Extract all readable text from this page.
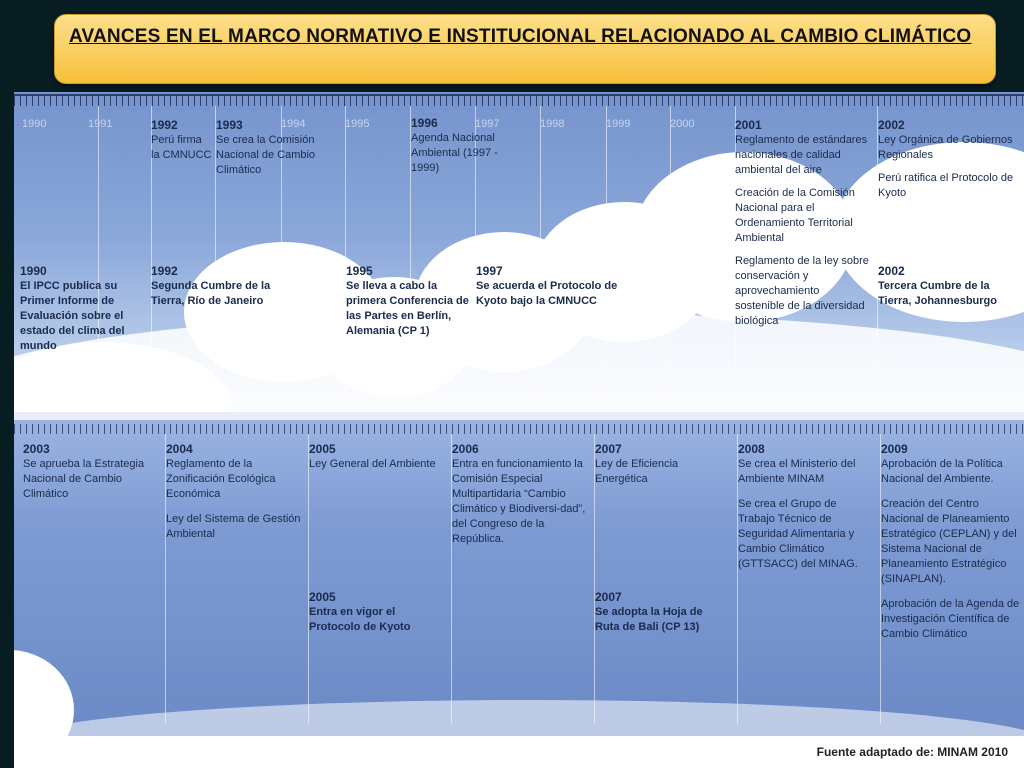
AVANCES EN EL MARCO NORMATIVO E INSTITUCIONAL RELACIONADO AL CAMBIO CLIMÁTICO
1990	1991	1994	1995	1997	1998	1999	2000
1992
Perú firma la CMNUCC
1993
Se crea la Comisión Nacional de Cambio Climático
1996
Agenda Nacional Ambiental (1997 - 1999)
2001
Reglamento de estándares nacionales de calidad ambiental del aire
Creación de la Comisión Nacional para el Ordenamiento Territorial Ambiental
Reglamento de la ley sobre conservación y aprovechamiento sostenible de la diversidad biológica
2002
Ley Orgánica de Gobiernos Regionales
Perú ratifica el Protocolo de Kyoto
1990
El IPCC publica su Primer Informe de Evaluación sobre el estado del clima del mundo
1992
Segunda Cumbre de la Tierra, Río de Janeiro
1995
Se lleva a cabo la primera Conferencia de las Partes en Berlín, Alemania (CP 1)
1997
Se acuerda el Protocolo de Kyoto bajo la CMNUCC
2002
Tercera Cumbre de la Tierra, Johannesburgo
2003
Se aprueba la Estrategia Nacional de Cambio Climático
2004
Reglamento de la Zonificación Ecológica Económica
Ley del Sistema de Gestión Ambiental
2005
Ley General del Ambiente
2006
Entra en funcionamiento la Comisión Especial Multipartidaria “Cambio Climático y Biodiversi-dad”, del Congreso de la República.
2007
Ley de Eficiencia Energética
2008
Se crea el Ministerio del Ambiente MINAM
Se crea el Grupo de Trabajo Técnico de Seguridad Alimentaria y Cambio Climático (GTTSACC) del MINAG.
2009
Aprobación de la Política Nacional del Ambiente.
Creación del Centro Nacional de Planeamiento Estratégico (CEPLAN) y del Sistema Nacional de Planeamiento Estratégico (SINAPLAN).
Aprobación de la Agenda de Investigación Científica de Cambio Climático
2005
Entra en vigor el Protocolo de Kyoto
2007
Se adopta la Hoja de Ruta de Bali (CP 13)
Fuente adaptado de: MINAM 2010
